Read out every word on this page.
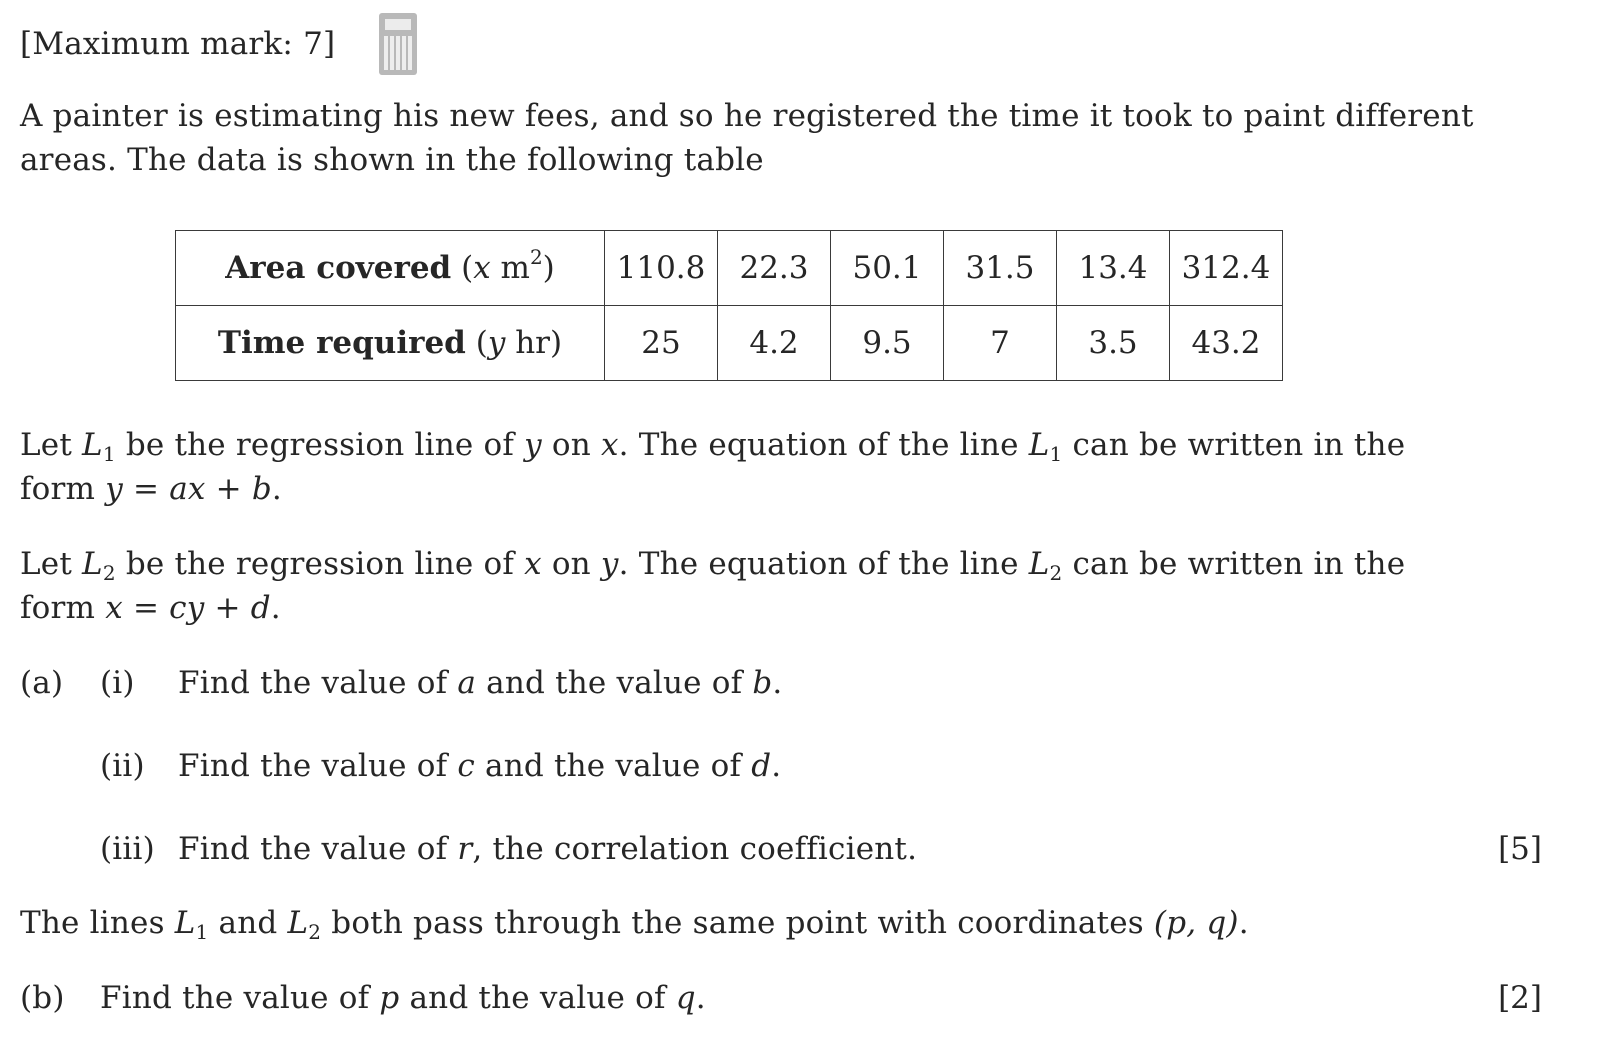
[Maximum mark: 7]
A painter is estimating his new fees, and so he registered the time it took to paint different
areas. The data is shown in the following table
Area covered (x $m^2$)	110.8	22.3	50.1	31.5	13.4	312.4
Time required (y hr)	25	4.2	9.5	7	3.5	43.2
Let $L_1$ be the regression line of y on x. The equation of the line $L_1$ can be written in the
form y = ax + b.
Let $L_2$ be the regression line of x on y. The equation of the line $L_2$ can be written in the
form x = cy + d.
(a) (i) Find the value of a and the value of b.
(ii) Find the value of c and the value of d.
(iii) Find the value of r, the correlation coefficient.	[5]
The lines $L_1$ and $L_2$ both pass through the same point with coordinates (p, q).
(b) Find the value of p and the value of q.	[2]
